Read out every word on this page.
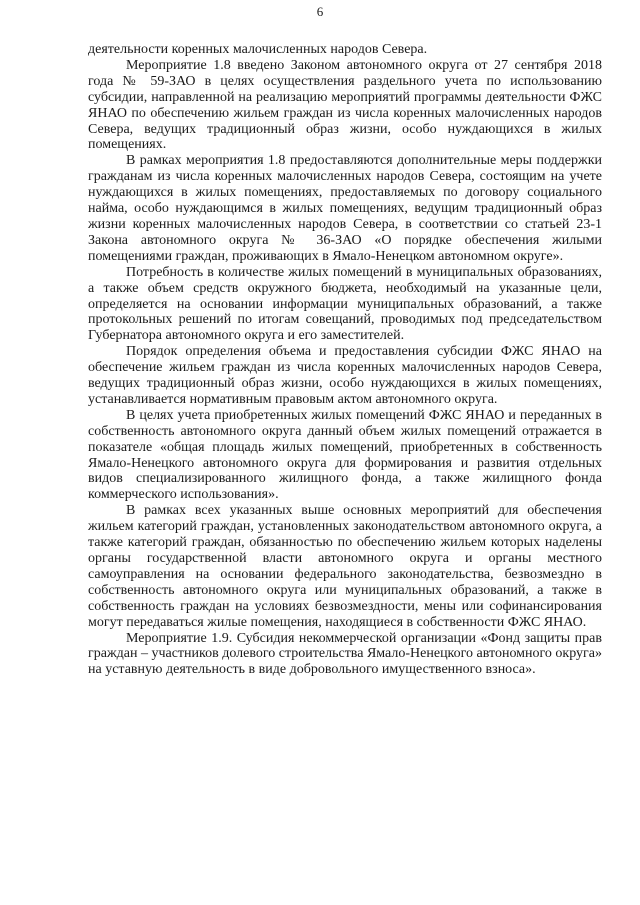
6

деятельности коренных малочисленных народов Севера.

Мероприятие 1.8 введено Законом автономного округа от 27 сентября 2018 года № 59-ЗАО в целях осуществления раздельного учета по использованию субсидии, направленной на реализацию мероприятий программы деятельности ФЖС ЯНАО по обеспечению жильем граждан из числа коренных малочисленных народов Севера, ведущих традиционный образ жизни, особо нуждающихся в жилых помещениях.

В рамках мероприятия 1.8 предоставляются дополнительные меры поддержки гражданам из числа коренных малочисленных народов Севера, состоящим на учете нуждающихся в жилых помещениях, предоставляемых по договору социального найма, особо нуждающимся в жилых помещениях, ведущим традиционный образ жизни коренных малочисленных народов Севера, в соответствии со статьей 23-1 Закона автономного округа № 36-ЗАО «О порядке обеспечения жилыми помещениями граждан, проживающих в Ямало-Ненецком автономном округе».

Потребность в количестве жилых помещений в муниципальных образованиях, а также объем средств окружного бюджета, необходимый на указанные цели, определяется на основании информации муниципальных образований, а также протокольных решений по итогам совещаний, проводимых под председательством Губернатора автономного округа и его заместителей.

Порядок определения объема и предоставления субсидии ФЖС ЯНАО на обеспечение жильем граждан из числа коренных малочисленных народов Севера, ведущих традиционный образ жизни, особо нуждающихся в жилых помещениях, устанавливается нормативным правовым актом автономного округа.

В целях учета приобретенных жилых помещений ФЖС ЯНАО и переданных в собственность автономного округа данный объем жилых помещений отражается в показателе «общая площадь жилых помещений, приобретенных в собственность Ямало-Ненецкого автономного округа для формирования и развития отдельных видов специализированного жилищного фонда, а также жилищного фонда коммерческого использования».

В рамках всех указанных выше основных мероприятий для обеспечения жильем категорий граждан, установленных законодательством автономного округа, а также категорий граждан, обязанностью по обеспечению жильем которых наделены органы государственной власти автономного округа и органы местного самоуправления на основании федерального законодательства, безвозмездно в собственность автономного округа или муниципальных образований, а также в собственность граждан на условиях безвозмездности, мены или софинансирования могут передаваться жилые помещения, находящиеся в собственности ФЖС ЯНАО.

Мероприятие 1.9. Субсидия некоммерческой организации «Фонд защиты прав граждан – участников долевого строительства Ямало-Ненецкого автономного округа» на уставную деятельность в виде добровольного имущественного взноса».
